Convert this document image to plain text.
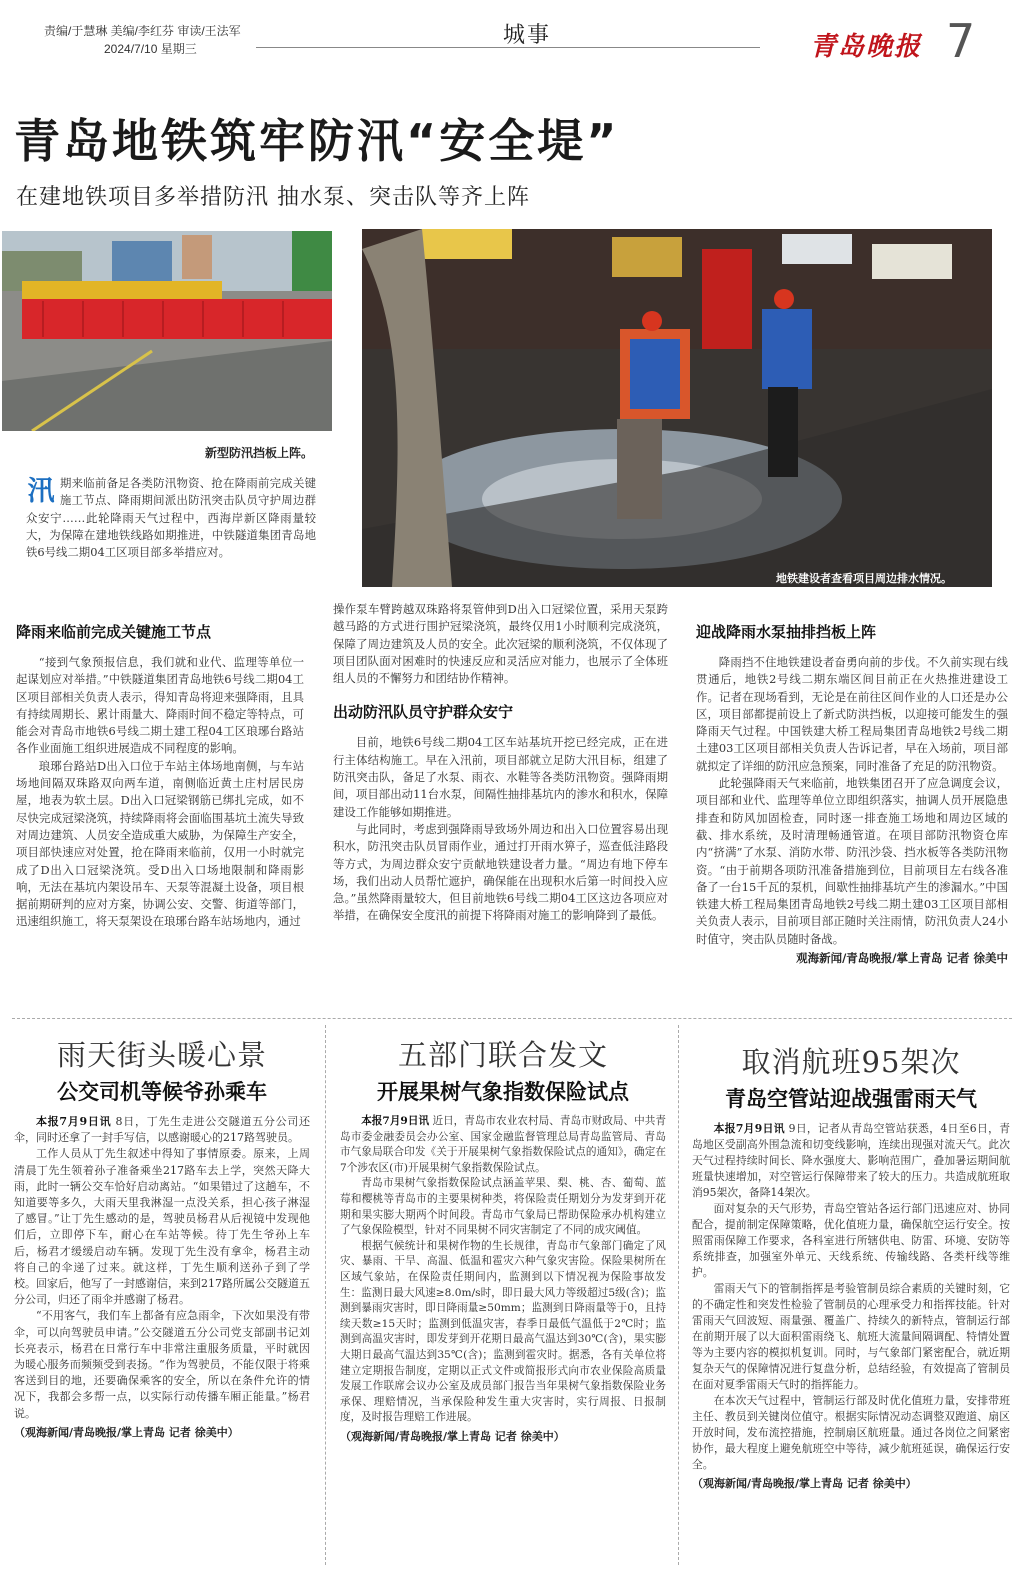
责编/于慧琳 美编/李红芬 审读/王法军
2024/7/10 星期三
城事	青岛晚报 7
青岛地铁筑牢防汛“安全堤”
在建地铁项目多举措防汛 抽水泵、突击队等齐上阵
新型防汛挡板上阵。
地铁建设者查看项目周边排水情况。
汛期来临前备足各类防汛物资、抢在降雨前完成关键施工节点、降雨期间派出防汛突击队员守护周边群众安宁……此轮降雨天气过程中，西海岸新区降雨量较大，为保障在建地铁线路如期推进，中铁隧道集团青岛地铁6号线二期04工区项目部多举措应对。
降雨来临前完成关键施工节点

“接到气象预报信息，我们就和业代、监理等单位一起谋划应对举措。”中铁隧道集团青岛地铁6号线二期04工区项目部相关负责人表示，得知青岛将迎来强降雨，且具有持续周期长、累计雨量大、降雨时间不稳定等特点，可能会对青岛市地铁6号线二期土建工程04工区琅琊台路站各作业面施工组织进展造成不同程度的影响。

琅琊台路站D出入口位于车站主体场地南侧，与车站场地间隔双珠路双向两车道，南侧临近黄土庄村居民房屋，地表为软土层。D出入口冠梁钢筋已绑扎完成，如不尽快完成冠梁浇筑，持续降雨将会面临围基坑土流失导致对周边建筑、人员安全造成重大威胁，为保障生产安全，项目部快速应对处置，抢在降雨来临前，仅用一小时就完成了D出入口冠梁浇筑。受D出入口场地限制和降雨影响，无法在基坑内架设吊车、天泵等混凝土设备，项目根据前期研判的应对方案，协调公安、交警、街道等部门，迅速组织施工，将天泵架设在琅琊台路车站场地内，通过

操作泵车臂跨越双珠路将泵管伸到D出入口冠梁位置，采用天泵跨越马路的方式进行围护冠梁浇筑，最终仅用1小时顺利完成浇筑，保障了周边建筑及人员的安全。此次冠梁的顺利浇筑，不仅体现了项目团队面对困难时的快速反应和灵活应对能力，也展示了全体班组人员的不懈努力和团结协作精神。

出动防汛队员守护群众安宁

目前，地铁6号线二期04工区车站基坑开挖已经完成，正在进行主体结构施工。早在入汛前，项目部就立足防大汛目标，组建了防汛突击队，备足了水泵、雨衣、水鞋等各类防汛物资。强降雨期间，项目部出动11台水泵，间隔性抽排基坑内的渗水和积水，保障建设工作能够如期推进。

与此同时，考虑到强降雨导致场外周边和出入口位置容易出现积水，防汛突击队员冒雨作业，通过打开雨水箅子，巡查低洼路段等方式，为周边群众安宁贡献地铁建设者力量。“周边有地下停车场，我们出动人员帮忙遮护，确保能在出现积水后第一时间投入应急。”虽然降雨量较大，但目前地铁6号线二期04工区这边各项应对举措，在确保安全度汛的前提下将降雨对施工的影响降到了最低。

迎战降雨水泵抽排挡板上阵

降雨挡不住地铁建设者奋勇向前的步伐。不久前实现右线贯通后，地铁2号线二期东端区间目前正在火热推进建设工作。记者在现场看到，无论是在前往区间作业的人口还是办公区，项目部都提前设上了新式防洪挡板，以迎接可能发生的强降雨天气过程。中国铁建大桥工程局集团青岛地铁2号线二期土建03工区项目部相关负责人告诉记者，早在入场前，项目部就拟定了详细的防汛应急预案，同时准备了充足的防汛物资。

此轮强降雨天气来临前，地铁集团召开了应急调度会议，项目部和业代、监理等单位立即组织落实，抽调人员开展隐患排查和防风加固检查，同时逐一排查施工场地和周边区域的截、排水系统，及时清理畅通管道。在项目部防汛物资仓库内“挤满”了水泵、消防水带、防汛沙袋、挡水板等各类防汛物资。“由于前期各项防汛准备措施到位，目前项目左右线各准备了一台15千瓦的泵机，间歇性抽排基坑产生的渗漏水。”中国铁建大桥工程局集团青岛地铁2号线二期土建03工区项目部相关负责人表示，目前项目部正随时关注雨情，防汛负责人24小时值守，突击队员随时备战。

观海新闻/青岛晚报/掌上青岛 记者 徐美中
雨天街头暖心景
公交司机等候爷孙乘车

本报7月9日讯 8日，丁先生走进公交隧道五分公司还伞，同时还拿了一封手写信，以感谢暖心的217路驾驶员。

工作人员从丁先生叙述中得知了事情原委。原来，上周清晨丁先生领着孙子准备乘坐217路车去上学，突然天降大雨，此时一辆公交车恰好启动离站。“如果错过了这趟车，不知道要等多久，大雨天里我淋湿一点没关系，担心孩子淋湿了感冒。”让丁先生感动的是，驾驶员杨君从后视镜中发现他们后，立即停下车，耐心在车站等候。待丁先生爷孙上车后，杨君才缓缓启动车辆。发现丁先生没有拿伞，杨君主动将自己的伞递了过来。就这样，丁先生顺利送孙子到了学校。回家后，他写了一封感谢信，来到217路所属公交隧道五分公司，归还了雨伞并感谢了杨君。

“不用客气，我们车上都备有应急雨伞，下次如果没有带伞，可以向驾驶员申请。”公交隧道五分公司党支部副书记刘长亮表示，杨君在日常行车中非常注重服务质量，平时就因为暖心服务而频频受到表扬。“作为驾驶员，不能仅限于将乘客送到目的地，还要确保乘客的安全，所以在条件允许的情况下，我都会多帮一点，以实际行动传播车厢正能量。”杨君说。

（观海新闻/青岛晚报/掌上青岛 记者 徐美中）
五部门联合发文
开展果树气象指数保险试点

本报7月9日讯 近日，青岛市农业农村局、青岛市财政局、中共青岛市委金融委员会办公室、国家金融监督管理总局青岛监管局、青岛市气象局联合印发《关于开展果树气象指数保险试点的通知》，确定在7个涉农区(市)开展果树气象指数保险试点。

青岛市果树气象指数保险试点涵盖苹果、梨、桃、杏、葡萄、蓝莓和樱桃等青岛市的主要果树种类，将保险责任期划分为发芽到开花期和果实膨大期两个时间段。青岛市气象局已帮助保险承办机构建立了气象保险模型，针对不同果树不同灾害制定了不同的成灾阈值。

根据气候统计和果树作物的生长规律，青岛市气象部门确定了风灾、暴雨、干旱、高温、低温和雹灾六种气象灾害险。保险果树所在区域气象站，在保险责任期间内，监测到以下情况视为保险事故发生：监测日最大风速≥8.0m/s时，即日最大风力等级超过5级(含)；监测到暴雨灾害时，即日降雨量≥50mm；监测到日降雨量等于0，且持续天数≥15天时；监测到低温灾害，春季日最低气温低于2℃时；监测到高温灾害时，即发芽到开花期日最高气温达到30℃(含)，果实膨大期日最高气温达到35℃(含)；监测到雹灾时。据悉，各有关单位将建立定期报告制度，定期以正式文件或简报形式向市农业保险高质量发展工作联席会议办公室及成员部门报告当年果树气象指数保险业务承保、理赔情况，当承保险种发生重大灾害时，实行周报、日报制度，及时报告理赔工作进展。

（观海新闻/青岛晚报/掌上青岛 记者 徐美中）
取消航班95架次
青岛空管站迎战强雷雨天气

本报7月9日讯 9日，记者从青岛空管站获悉，4日至6日，青岛地区受副高外围急流和切变线影响，连续出现强对流天气。此次天气过程持续时间长、降水强度大、影响范围广，叠加暑运期间航班量快速增加，对空管运行保障带来了较大的压力。共造成航班取消95架次，备降14架次。

面对复杂的天气形势，青岛空管站各运行部门迅速应对、协同配合，提前制定保障策略，优化值班力量，确保航空运行安全。按照雷雨保障工作要求，各科室进行所辖供电、防雷、环境、安防等系统排查，加强室外单元、天线系统、传输线路、各类杆线等维护。

雷雨天气下的管制指挥是考验管制员综合素质的关键时刻，它的不确定性和突发性检验了管制员的心理承受力和指挥技能。针对雷雨天气回波短、雨量强、覆盖广、持续久的新特点，管制运行部在前期开展了以大面积雷雨绕飞、航班大流量间隔调配、特情处置等为主要内容的模拟机复训。同时，与气象部门紧密配合，就近期复杂天气的保障情况进行复盘分析，总结经验，有效提高了管制员在面对夏季雷雨天气时的指挥能力。

在本次天气过程中，管制运行部及时优化值班力量，安排带班主任、教员到关键岗位值守。根据实际情况动态调整双跑道、扇区开放时间，发布流控措施，控制扇区航班量。通过各岗位之间紧密协作，最大程度上避免航班空中等待，减少航班延误，确保运行安全。

（观海新闻/青岛晚报/掌上青岛 记者 徐美中）
